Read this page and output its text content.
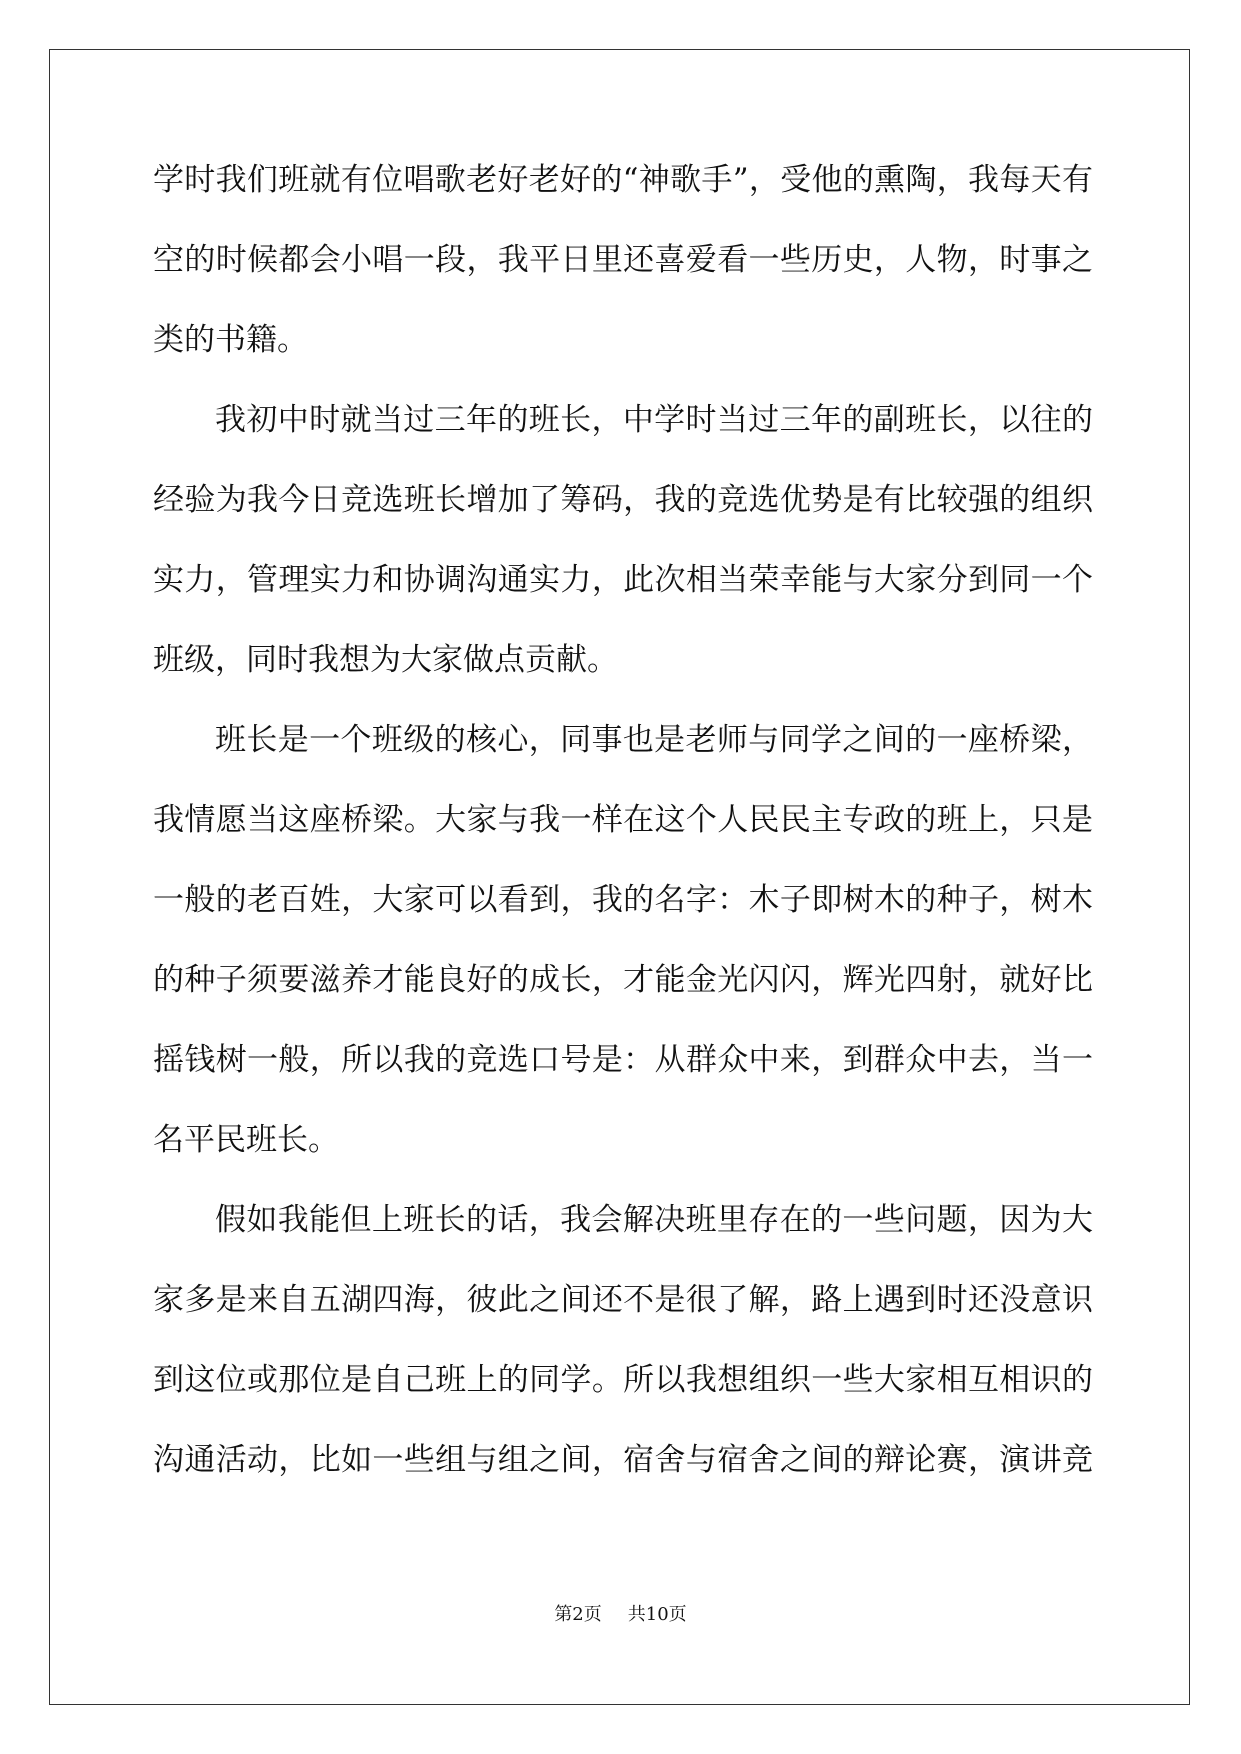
学时我们班就有位唱歌老好老好的“神歌手”，受他的熏陶，我每天有
空的时候都会小唱一段，我平日里还喜爱看一些历史，人物，时事之
类的书籍。
我初中时就当过三年的班长，中学时当过三年的副班长，以往的
经验为我今日竞选班长增加了筹码，我的竞选优势是有比较强的组织
实力，管理实力和协调沟通实力，此次相当荣幸能与大家分到同一个
班级，同时我想为大家做点贡献。
班长是一个班级的核心，同事也是老师与同学之间的一座桥梁，
我情愿当这座桥梁。大家与我一样在这个人民民主专政的班上，只是
一般的老百姓，大家可以看到，我的名字：木子即树木的种子，树木
的种子须要滋养才能良好的成长，才能金光闪闪，辉光四射，就好比
摇钱树一般，所以我的竞选口号是：从群众中来，到群众中去，当一
名平民班长。
假如我能但上班长的话，我会解决班里存在的一些问题，因为大
家多是来自五湖四海，彼此之间还不是很了解，路上遇到时还没意识
到这位或那位是自己班上的同学。所以我想组织一些大家相互相识的
沟通活动，比如一些组与组之间，宿舍与宿舍之间的辩论赛，演讲竞
第2页 共10页
